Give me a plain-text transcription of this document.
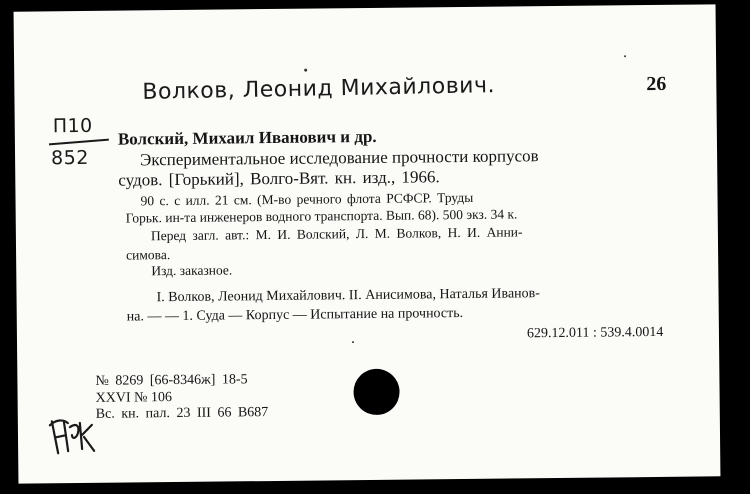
Волков, Леонид Михайлович.	26
П10
852
Волский, Михаил Иванович и др.
Экспериментальное исследование прочности корпусов
судов. [Горький], Волго-Вят. кн. изд., 1966.
90 с. с илл. 21 см. (М-во речного флота РСФСР. Труды
Горьк. ин-та инженеров водного транспорта. Вып. 68). 500 экз. 34 к.
Перед загл. авт.: М. И. Волский, Л. М. Волков, Н. И. Анни-
симова.
Изд. заказное.
I. Волков, Леонид Михайлович. II. Анисимова, Наталья Иванов-
на. — — 1. Суда — Корпус — Испытание на прочность.
629.12.011 : 539.4.0014
№ 8269 [66-8346ж] 18-5
XXVI № 106
Вс. кн. пал. 23 III 66 В687
